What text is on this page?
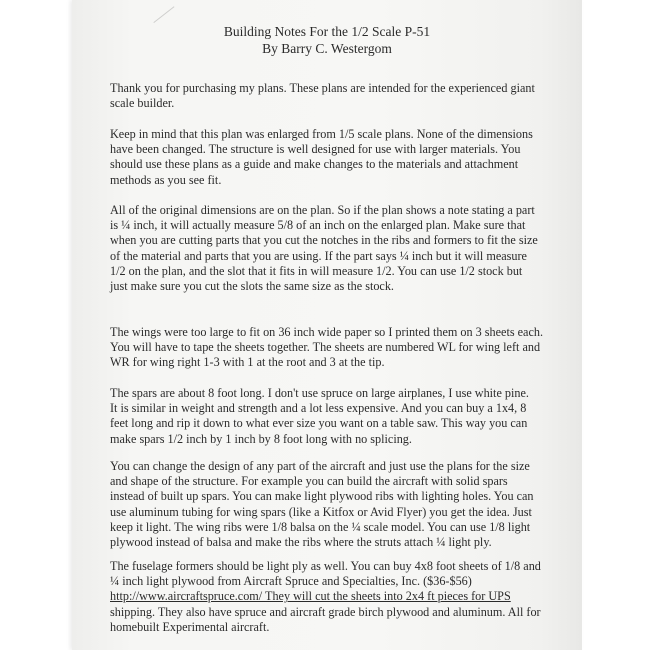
Building Notes For the 1/2 Scale P-51
By Barry C. Westergom
Thank you for purchasing my plans. These plans are intended for the experienced giant
scale builder.
Keep in mind that this plan was enlarged from 1/5 scale plans. None of the dimensions
have been changed. The structure is well designed for use with larger materials. You
should use these plans as a guide and make changes to the materials and attachment
methods as you see fit.
All of the original dimensions are on the plan. So if the plan shows a note stating a part
is ¼ inch, it will actually measure 5/8 of an inch on the enlarged plan. Make sure that
when you are cutting parts that you cut the notches in the ribs and formers to fit the size
of the material and parts that you are using. If the part says ¼ inch but it will measure
1/2 on the plan, and the slot that it fits in will measure 1/2. You can use 1/2 stock but
just make sure you cut the slots the same size as the stock.
The wings were too large to fit on 36 inch wide paper so I printed them on 3 sheets each.
You will have to tape the sheets together. The sheets are numbered WL for wing left and
WR for wing right 1-3 with 1 at the root and 3 at the tip.
The spars are about 8 foot long. I don't use spruce on large airplanes, I use white pine.
It is similar in weight and strength and a lot less expensive. And you can buy a 1x4, 8
feet long and rip it down to what ever size you want on a table saw. This way you can
make spars 1/2 inch by 1 inch by 8 foot long with no splicing.
You can change the design of any part of the aircraft and just use the plans for the size
and shape of the structure. For example you can build the aircraft with solid spars
instead of built up spars. You can make light plywood ribs with lighting holes. You can
use aluminum tubing for wing spars (like a Kitfox or Avid Flyer) you get the idea. Just
keep it light. The wing ribs were 1/8 balsa on the ¼ scale model. You can use 1/8 light
plywood instead of balsa and make the ribs where the struts attach ¼ light ply.
The fuselage formers should be light ply as well. You can buy 4x8 foot sheets of 1/8 and
¼ inch light plywood from Aircraft Spruce and Specialties, Inc. ($36-$56)
http://www.aircraftspruce.com/ They will cut the sheets into 2x4 ft pieces for UPS
shipping. They also have spruce and aircraft grade birch plywood and aluminum. All for
homebuilt Experimental aircraft.
